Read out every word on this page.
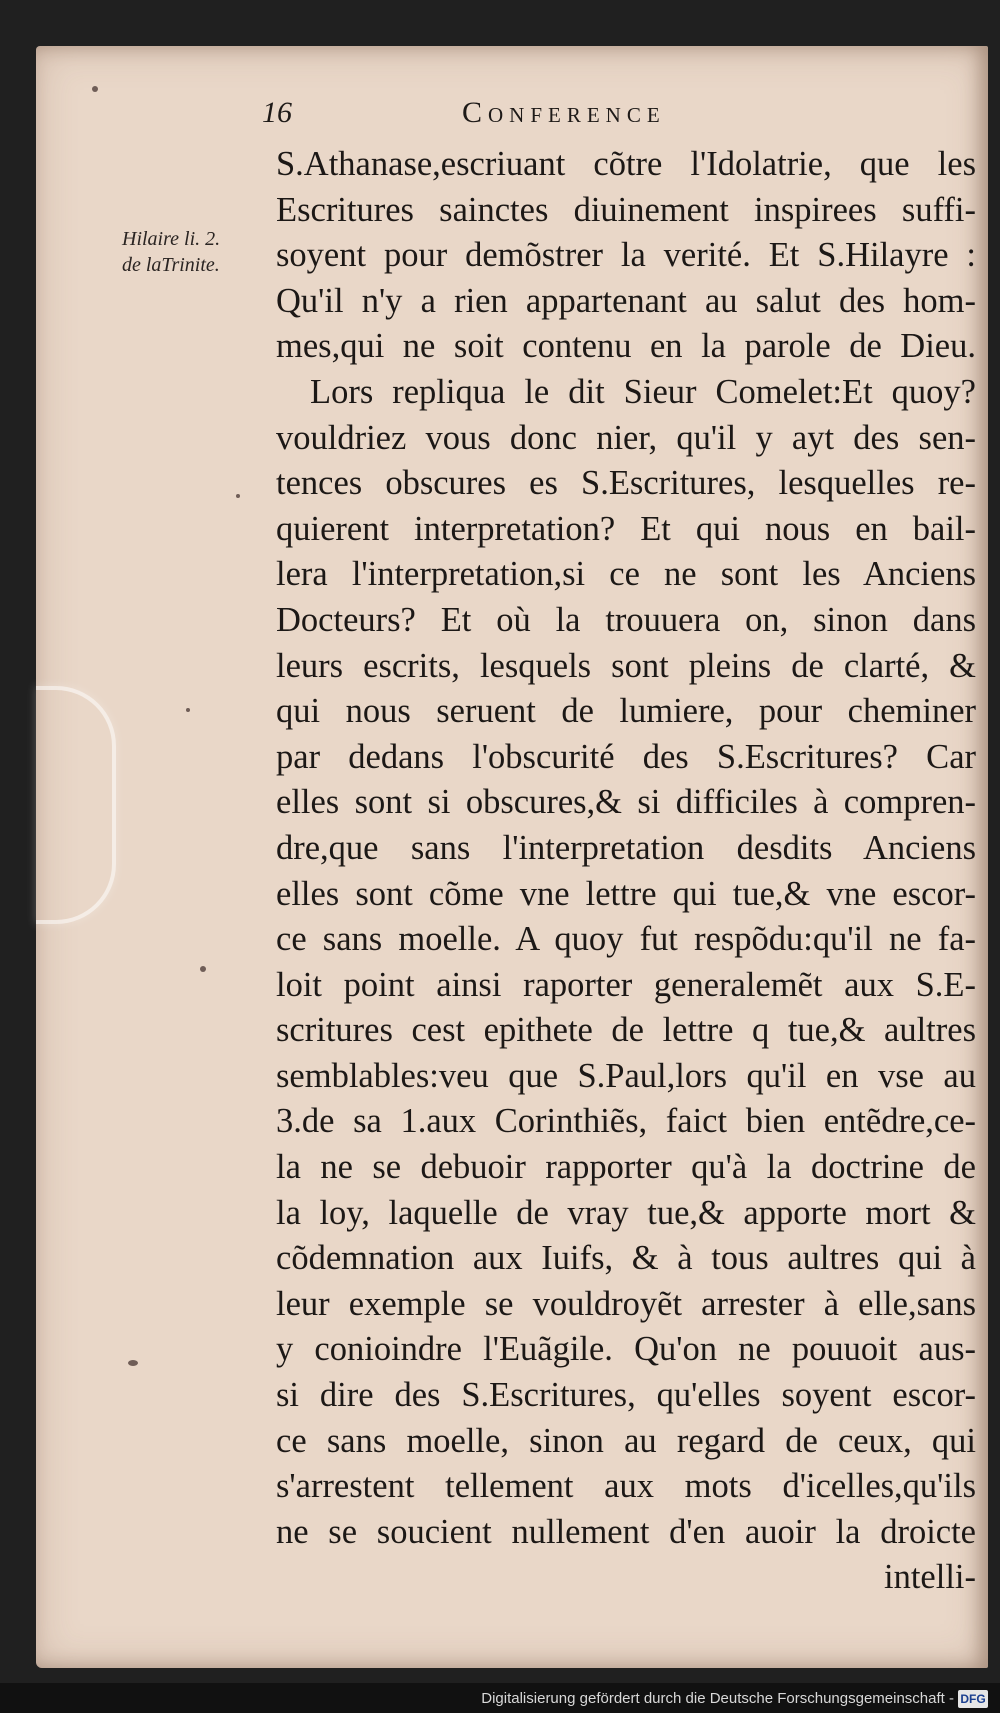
16	Conference
Hilaire li. 2.
de laTrinite.
S.Athanase,escriuant cõtre l'Idolatrie, que les
Escritures sainctes diuinement inspirees suffi-
soyent pour demõstrer la verité. Et S.Hilayre :
Qu'il n'y a rien appartenant au salut des hom-
mes,qui ne soit contenu en la parole de Dieu.
Lors repliqua le dit Sieur Comelet:Et quoy?
vouldriez vous donc nier, qu'il y ayt des sen-
tences obscures es S.Escritures, lesquelles re-
quierent interpretation? Et qui nous en bail-
lera l'interpretation,si ce ne sont les Anciens
Docteurs? Et où la trouuera on, sinon dans
leurs escrits, lesquels sont pleins de clarté, &
qui nous seruent de lumiere, pour cheminer
par dedans l'obscurité des S.Escritures? Car
elles sont si obscures,& si difficiles à compren-
dre,que sans l'interpretation desdits Anciens
elles sont cõme vne lettre qui tue,& vne escor-
ce sans moelle. A quoy fut respõdu:qu'il ne fa-
loit point ainsi raporter generalemẽt aux S.E-
scritures cest epithete de lettre q tue,& aultres
semblables:veu que S.Paul,lors qu'il en vse au
3.de sa 1.aux Corinthiẽs, faict bien entẽdre,ce-
la ne se debuoir rapporter qu'à la doctrine de
la loy, laquelle de vray tue,& apporte mort &
cõdemnation aux Iuifs, & à tous aultres qui à
leur exemple se vouldroyẽt arrester à elle,sans
y conioindre l'Euãgile. Qu'on ne pouuoit aus-
si dire des S.Escritures, qu'elles soyent escor-
ce sans moelle, sinon au regard de ceux, qui
s'arrestent tellement aux mots d'icelles,qu'ils
ne se soucient nullement d'en auoir la droicte
intelli-
Digitalisierung gefördert durch die Deutsche Forschungsgemeinschaft - DFG
